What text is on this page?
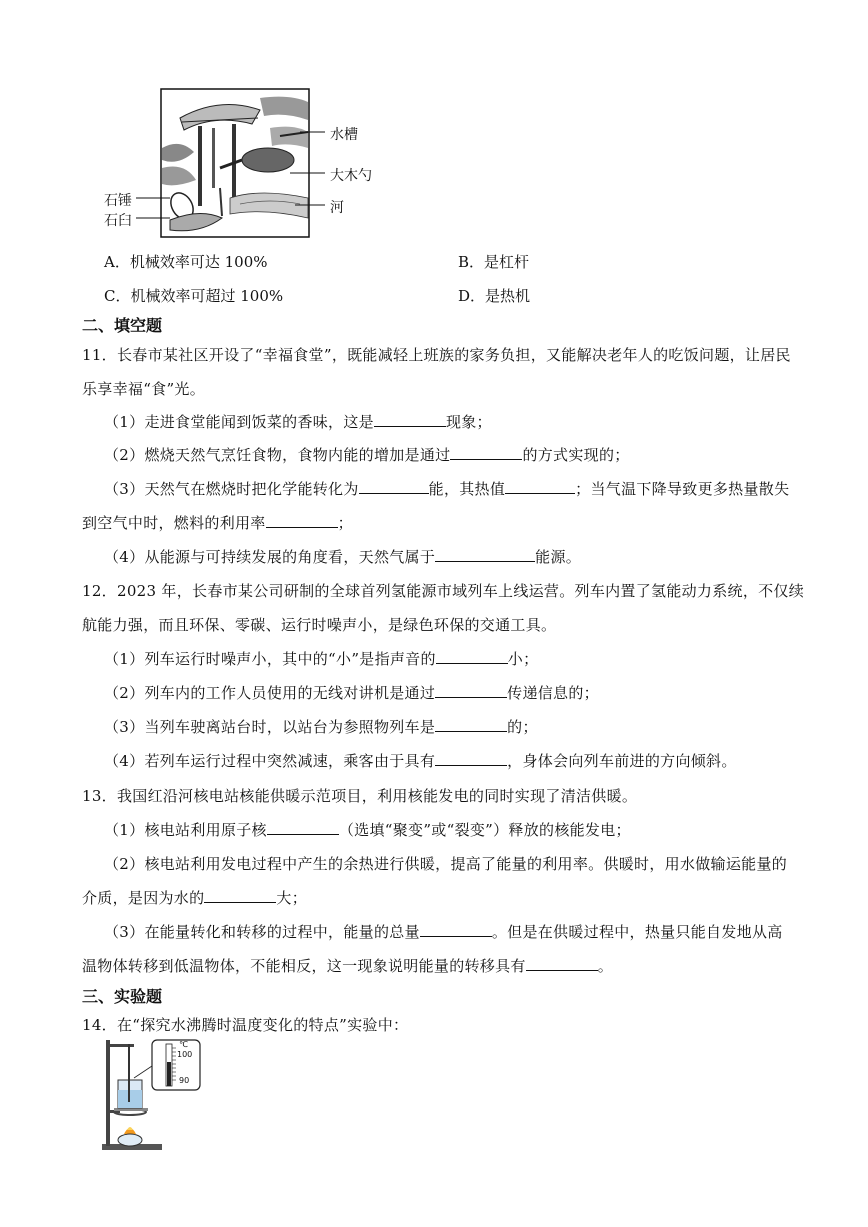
水槽
大木勺
河
石锤
石臼
A．机械效率可达 100%	B．是杠杆
C．机械效率可超过 100%	D．是热机
二、填空题
11．长春市某社区开设了“幸福食堂”，既能减轻上班族的家务负担，又能解决老年人的吃饭问题，让居民
乐享幸福“食”光。
（1）走进食堂能闻到饭菜的香味，这是	现象；
（2）燃烧天然气烹饪食物，食物内能的增加是通过	的方式实现的；
（3）天然气在燃烧时把化学能转化为	能，其热值	；当气温下降导致更多热量散失
到空气中时，燃料的利用率	；
（4）从能源与可持续发展的角度看，天然气属于	能源。
12．2023 年，长春市某公司研制的全球首列氢能源市域列车上线运营。列车内置了氢能动力系统，不仅续
航能力强，而且环保、零碳、运行时噪声小，是绿色环保的交通工具。
（1）列车运行时噪声小，其中的“小”是指声音的	小；
（2）列车内的工作人员使用的无线对讲机是通过	传递信息的；
（3）当列车驶离站台时，以站台为参照物列车是	的；
（4）若列车运行过程中突然减速，乘客由于具有	，身体会向列车前进的方向倾斜。
13．我国红沿河核电站核能供暖示范项目，利用核能发电的同时实现了清洁供暖。
（1）核电站利用原子核	（选填“聚变”或“裂变”）释放的核能发电；
（2）核电站利用发电过程中产生的余热进行供暖，提高了能量的利用率。供暖时，用水做输运能量的
介质，是因为水的	大；
（3）在能量转化和转移的过程中，能量的总量	。但是在供暖过程中，热量只能自发地从高
温物体转移到低温物体，不能相反，这一现象说明能量的转移具有	。
三、实验题
14．在“探究水沸腾时温度变化的特点”实验中：
℃
100
90
